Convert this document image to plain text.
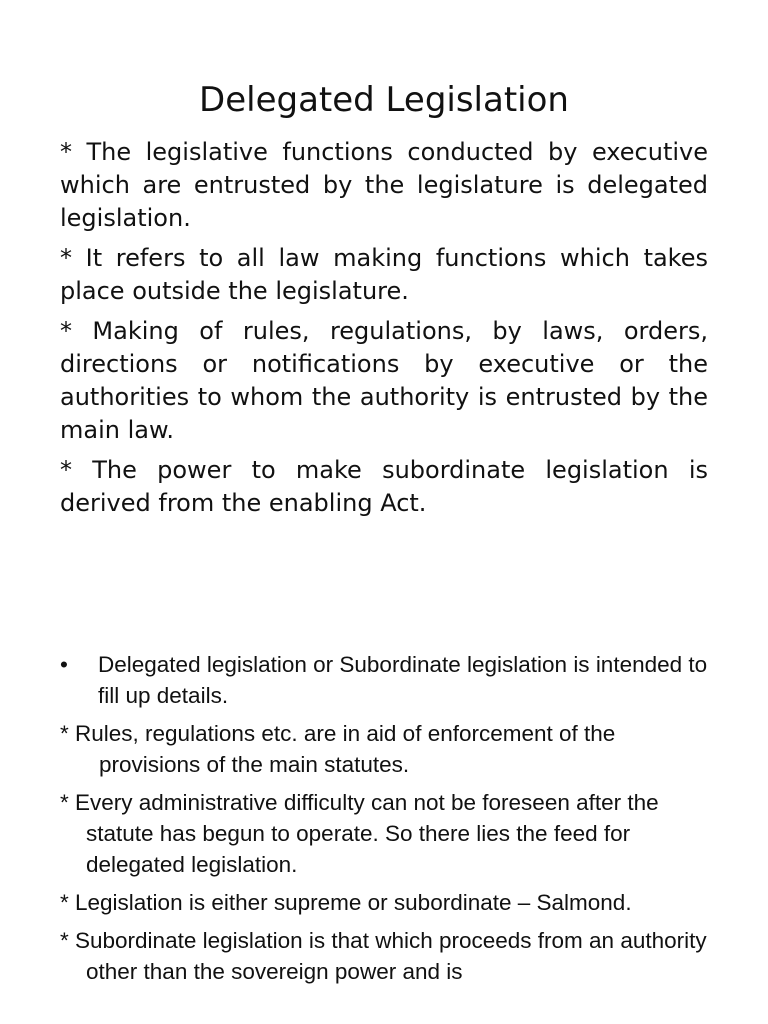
Delegated Legislation

* The legislative functions conducted by executive which are entrusted by the legislature is delegated legislation.

* It refers to all law making functions which takes place outside the legislature.

* Making of rules, regulations, by laws, orders, directions or notifications by executive or the authorities to whom the authority is entrusted by the main law.

* The power to make subordinate legislation is derived from the enabling Act.

•	Delegated legislation or Subordinate legislation is intended to fill up details.
* Rules, regulations etc. are in aid of enforcement of the provisions of the main statutes.
* Every administrative difficulty can not be foreseen after the statute has begun to operate. So there lies the feed for delegated legislation.
* Legislation is either supreme or subordinate – Salmond.
* Subordinate legislation is that which proceeds from an authority other than the sovereign power and is
